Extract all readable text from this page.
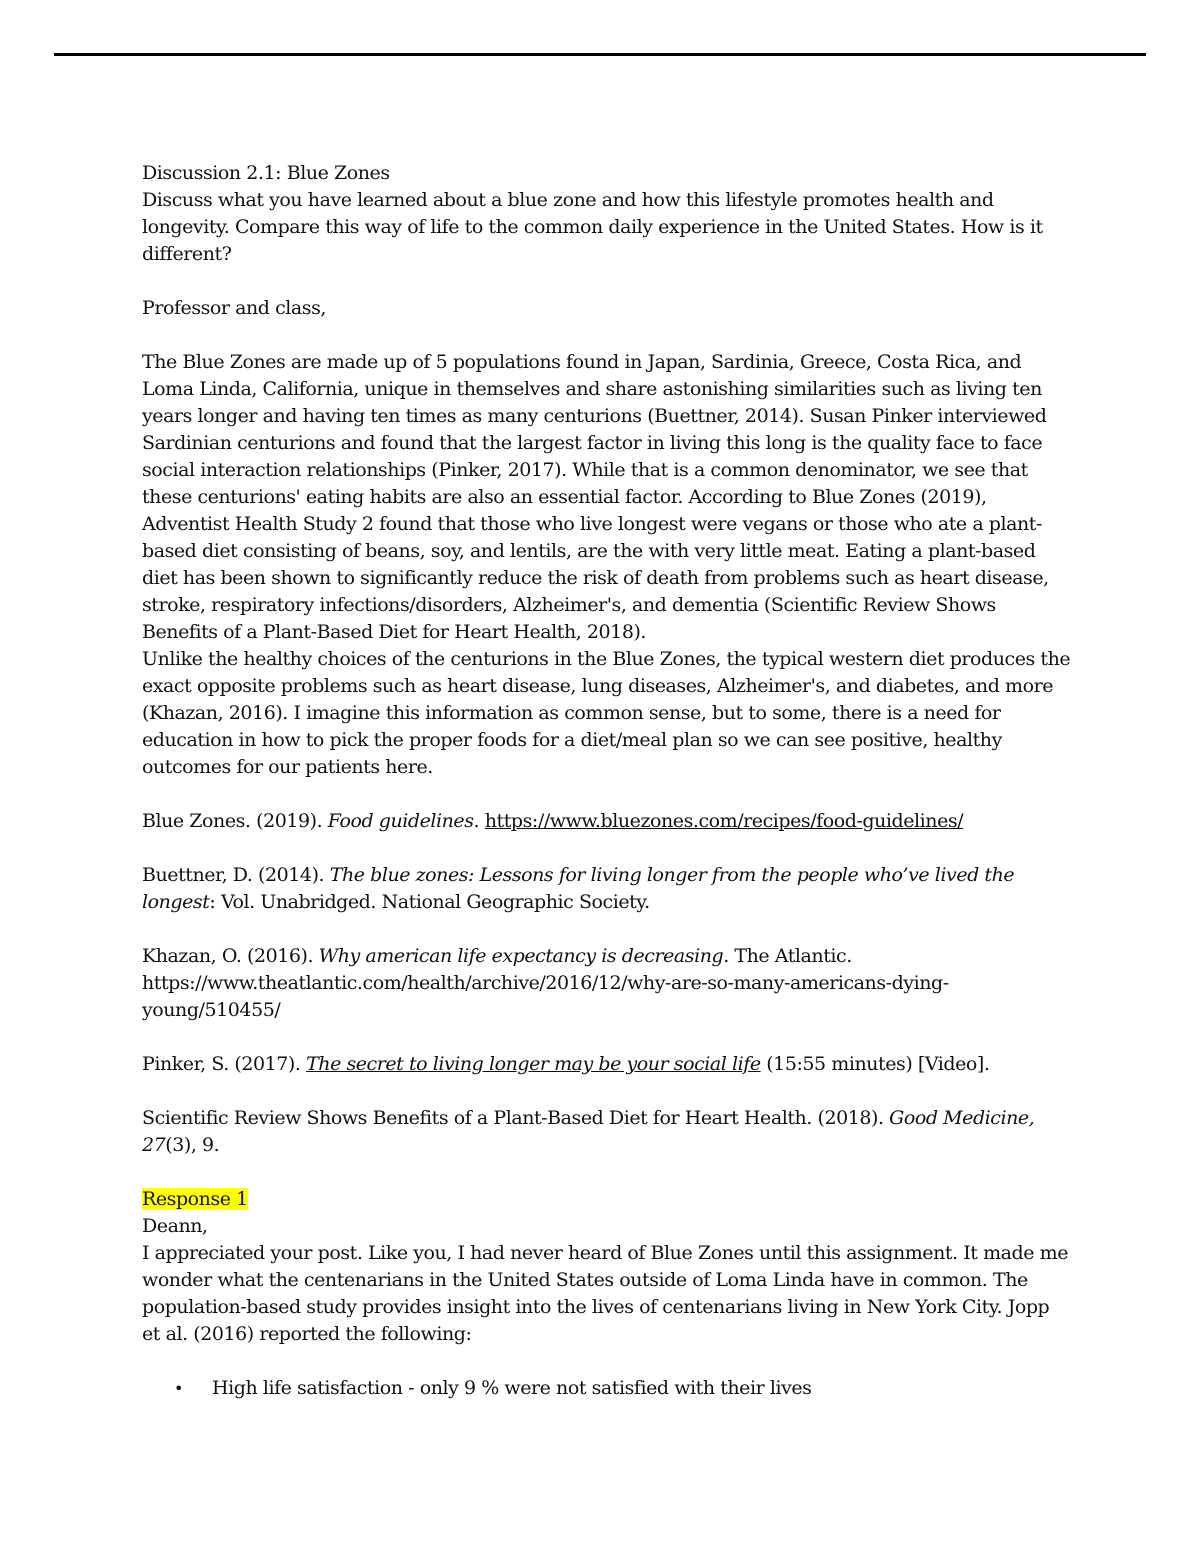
Discussion 2.1: Blue Zones

Discuss what you have learned about a blue zone and how this lifestyle promotes health and longevity. Compare this way of life to the common daily experience in the United States. How is it different?

Professor and class,

The Blue Zones are made up of 5 populations found in Japan, Sardinia, Greece, Costa Rica, and Loma Linda, California, unique in themselves and share astonishing similarities such as living ten years longer and having ten times as many centurions (Buettner, 2014). Susan Pinker interviewed Sardinian centurions and found that the largest factor in living this long is the quality face to face social interaction relationships (Pinker, 2017). While that is a common denominator, we see that these centurions' eating habits are also an essential factor. According to Blue Zones (2019), Adventist Health Study 2 found that those who live longest were vegans or those who ate a plant-based diet consisting of beans, soy, and lentils, are the with very little meat. Eating a plant-based diet has been shown to significantly reduce the risk of death from problems such as heart disease, stroke, respiratory infections/disorders, Alzheimer's, and dementia (Scientific Review Shows Benefits of a Plant-Based Diet for Heart Health, 2018).

Unlike the healthy choices of the centurions in the Blue Zones, the typical western diet produces the exact opposite problems such as heart disease, lung diseases, Alzheimer's, and diabetes, and more (Khazan, 2016). I imagine this information as common sense, but to some, there is a need for education in how to pick the proper foods for a diet/meal plan so we can see positive, healthy outcomes for our patients here.

Blue Zones. (2019). Food guidelines. https://www.bluezones.com/recipes/food-guidelines/

Buettner, D. (2014). The blue zones: Lessons for living longer from the people who’ve lived the longest: Vol. Unabridged. National Geographic Society.

Khazan, O. (2016). Why american life expectancy is decreasing. The Atlantic. https://www.theatlantic.com/health/archive/2016/12/why-are-so-many-americans-dying-young/510455/

Pinker, S. (2017). The secret to living longer may be your social life (15:55 minutes) [Video].

Scientific Review Shows Benefits of a Plant-Based Diet for Heart Health. (2018). Good Medicine, 27(3), 9.

Response 1

Deann,

I appreciated your post. Like you, I had never heard of Blue Zones until this assignment. It made me wonder what the centenarians in the United States outside of Loma Linda have in common. The population-based study provides insight into the lives of centenarians living in New York City. Jopp et al. (2016) reported the following:

• High life satisfaction - only 9 % were not satisfied with their lives
